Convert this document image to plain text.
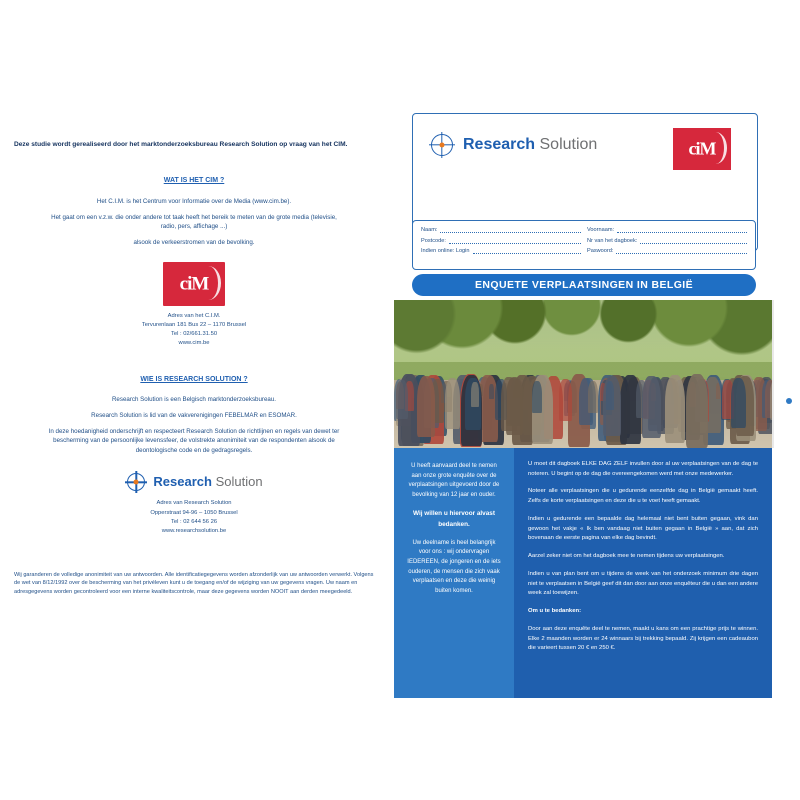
Deze studie wordt gerealiseerd door het marktonderzoeksbureau Research Solution op vraag van het CIM.
WAT IS HET CIM ?
Het C.I.M. is het Centrum voor Informatie over de Media (www.cim.be).
Het gaat om een v.z.w. die onder andere tot taak heeft het bereik te meten van de grote media (televisie, radio, pers, affichage ...)
alsook de verkeerstromen van de bevolking.
ciM
Adres van het C.I.M.
Tervurenlaan 181 Bus 22 – 1170 Brussel
Tel : 02/661.31.50
www.cim.be
WIE IS RESEARCH SOLUTION ?
Research Solution is een Belgisch marktonderzoeksbureau.
Research Solution is lid van de vakverenigingen FEBELMAR en ESOMAR.
In deze hoedanigheid onderschrijft en respecteert Research Solution de richtlijnen en regels van dewet ter bescherming van de persoonlijke levenssfeer, de volstrekte anonimiteit van de respondenten alsook de deontologische code en de gedragsregels.
Research Solution
Adres van Research Solution
Opperstraat 94-96 – 1050 Brussel
Tel : 02 644 56 26
www.researchsolution.be
Wij garanderen de volledige anonimiteit van uw antwoorden. Alle identificatiegegevens worden afzonderlijk van uw antwoorden verwerkt. Volgens de wet van 8/12/1992 over de bescherming van het privéleven kunt u de toegang en/of de wijziging van uw gegevens vragen. Uw naam en adresgegevens worden gecontroleerd voor een interne kwaliteitscontrole, maar deze gegevens worden NOOIT aan derden meegedeeld.
Research Solution	ciM
Naam:	Voornaam:
Postcode:	Nr van het dagboek:
Indien online: Login	Paswoord:
ENQUETE VERPLAATSINGEN IN BELGIË

U heeft aanvaard deel te nemen aan onze grote enquête over de verplaatsingen uitgevoerd door de bevolking van 12 jaar en ouder.

Wij willen u hiervoor alvast bedanken.

Uw deelname is heel belangrijk voor ons : wij ondervragen IEDEREEN, de jongeren en de iets ouderen, de mensen die zich vaak verplaatsen en deze die weinig buiten komen.

U moet dit dagboek ELKE DAG ZELF invullen door al uw verplaatsingen van de dag te noteren. U begint op de dag die overeengekomen werd met onze medewerker.

Noteer alle verplaatsingen die u gedurende eenzelfde dag in België gemaakt heeft. Zelfs de korte verplaatsingen en deze die u te voet heeft gemaakt.

Indien u gedurende een bepaalde dag helemaal niet bent buiten gegaan, vink dan gewoon het vakje « Ik ben vandaag niet buiten gegaan in België » aan, dat zich bovenaan de eerste pagina van elke dag bevindt.

Aarzel zeker niet om het dagboek mee te nemen tijdens uw verplaatsingen.

Indien u van plan bent om u tijdens de week van het onderzoek minimum drie dagen niet te verplaatsen in België geef dit dan door aan onze enquêteur die u dan een andere week zal toewijzen.

Om u te bedanken:

Door aan deze enquête deel te nemen, maakt u kans om een prachtige prijs te winnen. Elke 2 maanden worden er 24 winnaars bij trekking bepaald. Zij krijgen een cadeaubon die varieert tussen 20 € en 250 €.
